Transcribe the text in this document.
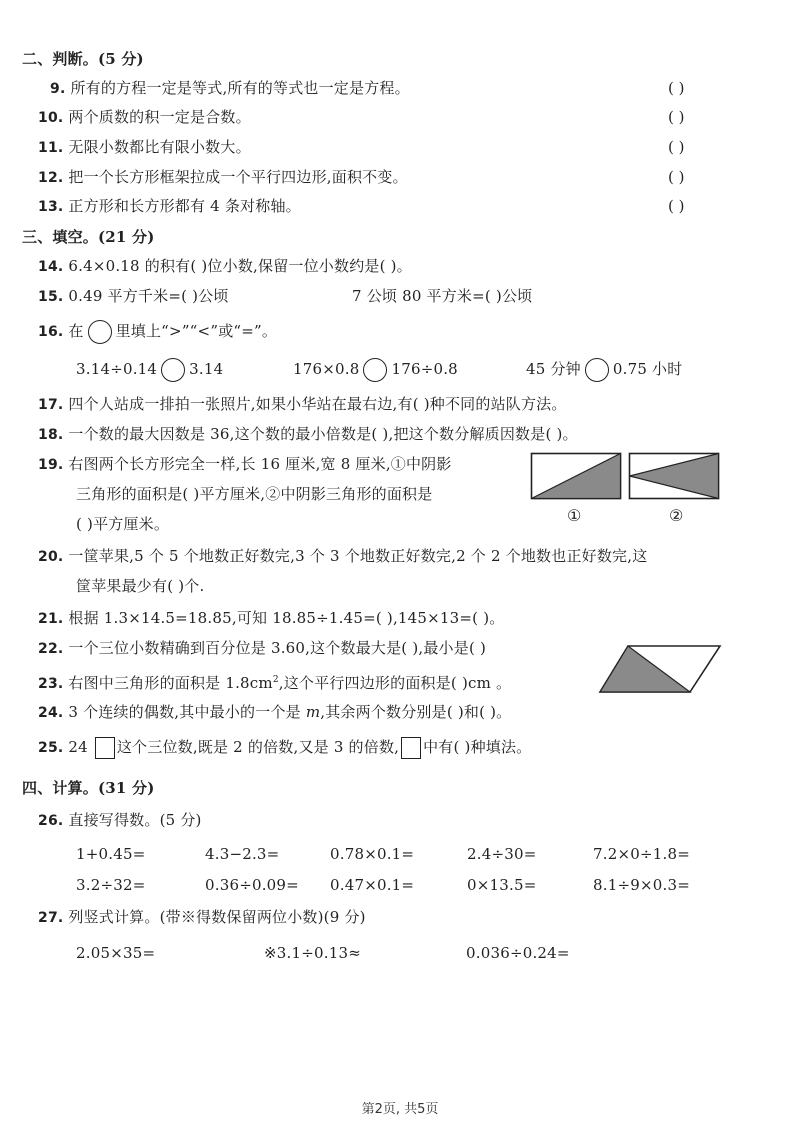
二、判断。(5 分)
9. 所有的方程一定是等式,所有的等式也一定是方程。	( )
10. 两个质数的积一定是合数。	( )
11. 无限小数都比有限小数大。	( )
12. 把一个长方形框架拉成一个平行四边形,面积不变。	( )
13. 正方形和长方形都有 4 条对称轴。	( )
三、填空。(21 分)
14. 6.4×0.18 的积有( )位小数,保留一位小数约是( )。
15. 0.49 平方千米=( )公顷	7 公顷 80 平方米=( )公顷
16. 在 里填上“>”“<”或“=”。
3.14÷0.14 3.14	176×0.8 176÷0.8	45 分钟 0.75 小时
17. 四个人站成一排拍一张照片,如果小华站在最右边,有( )种不同的站队方法。
18. 一个数的最大因数是 36,这个数的最小倍数是( ),把这个数分解质因数是( )。
19. 右图两个长方形完全一样,长 16 厘米,宽 8 厘米,①中阴影
三角形的面积是( )平方厘米,②中阴影三角形的面积是
( )平方厘米。	①	②
20. 一筐苹果,5 个 5 个地数正好数完,3 个 3 个地数正好数完,2 个 2 个地数也正好数完,这
筐苹果最少有( )个.
21. 根据 1.3×14.5=18.85,可知 18.85÷1.45=( ),145×13=( )。
22. 一个三位小数精确到百分位是 3.60,这个数最大是( ),最小是( )
23. 右图中三角形的面积是 $1.8cm^2$,这个平行四边形的面积是( )cm 。
24. 3 个连续的偶数,其中最小的一个是 m,其余两个数分别是( )和( )。
25. 24 这个三位数,既是 2 的倍数,又是 3 的倍数, 中有( )种填法。
四、计算。(31 分)
26. 直接写得数。(5 分)
1+0.45=	4.3−2.3=	0.78×0.1=	2.4÷30=	7.2×0÷1.8=
3.2÷32=	0.36÷0.09= 0.47×0.1=	0×13.5=	8.1÷9×0.3=
27. 列竖式计算。(带※得数保留两位小数)(9 分)
2.05×35=	※3.1÷0.13≈	0.036÷0.24=
第2页, 共5页
